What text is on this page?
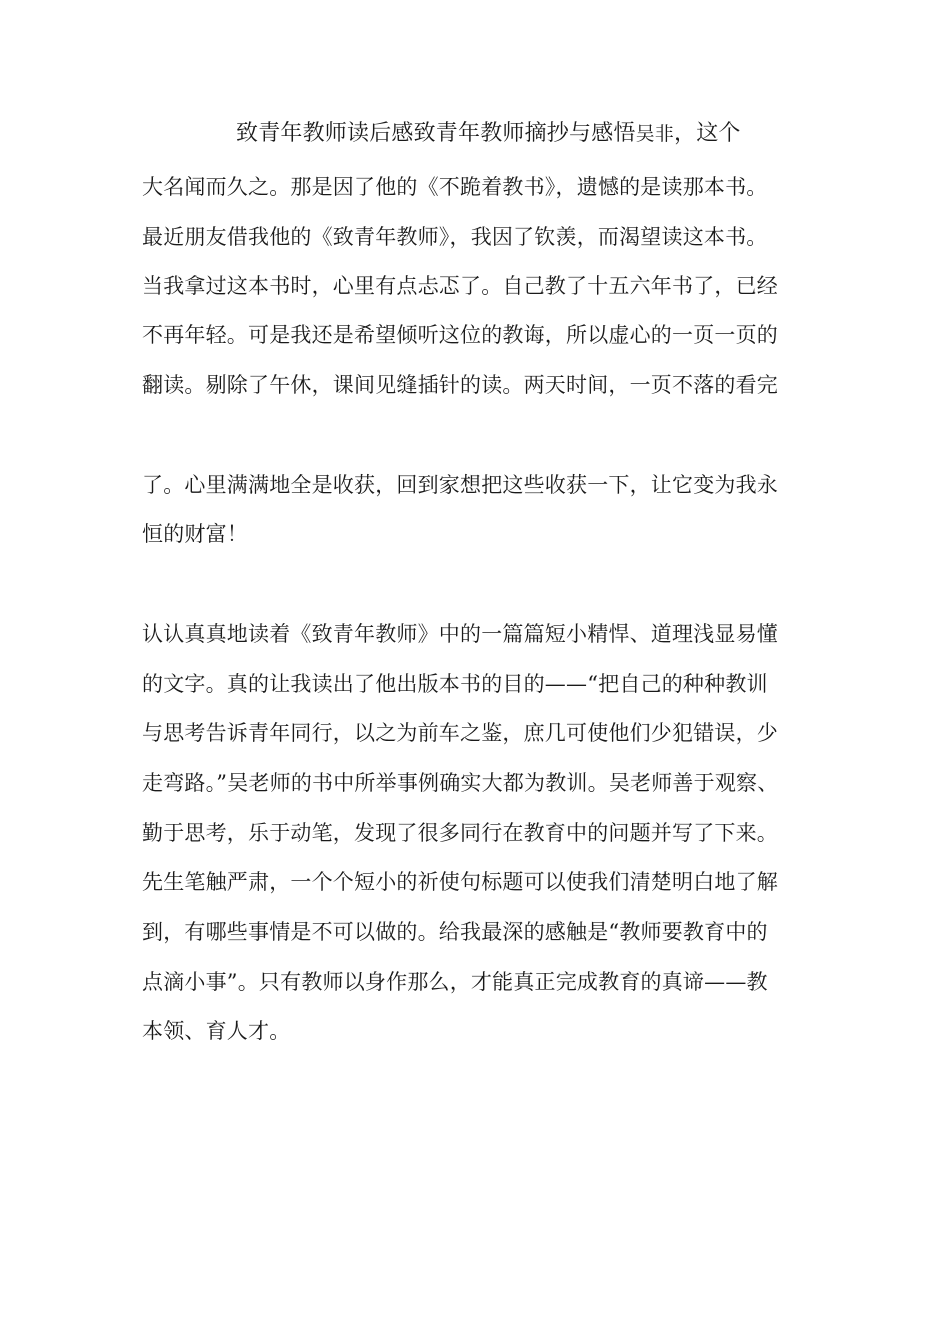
致青年教师读后感致青年教师摘抄与感悟吴非，这个
大名闻而久之。那是因了他的《不跪着教书》，遗憾的是读那本书。
最近朋友借我他的《致青年教师》，我因了钦羡，而渴望读这本书。
当我拿过这本书时，心里有点忐忑了。自己教了十五六年书了，已经
不再年轻。可是我还是希望倾听这位的教诲，所以虚心的一页一页的
翻读。剔除了午休，课间见缝插针的读。两天时间，一页不落的看完
了。心里满满地全是收获，回到家想把这些收获一下，让它变为我永
恒的财富！
认认真真地读着《致青年教师》中的一篇篇短小精悍、道理浅显易懂
的文字。真的让我读出了他出版本书的目的——“把自己的种种教训
与思考告诉青年同行，以之为前车之鉴，庶几可使他们少犯错误，少
走弯路。”吴老师的书中所举事例确实大都为教训。吴老师善于观察、
勤于思考，乐于动笔，发现了很多同行在教育中的问题并写了下来。
先生笔触严肃，一个个短小的祈使句标题可以使我们清楚明白地了解
到，有哪些事情是不可以做的。给我最深的感触是“教师要教育中的
点滴小事”。只有教师以身作那么，才能真正完成教育的真谛——教
本领、育人才。
